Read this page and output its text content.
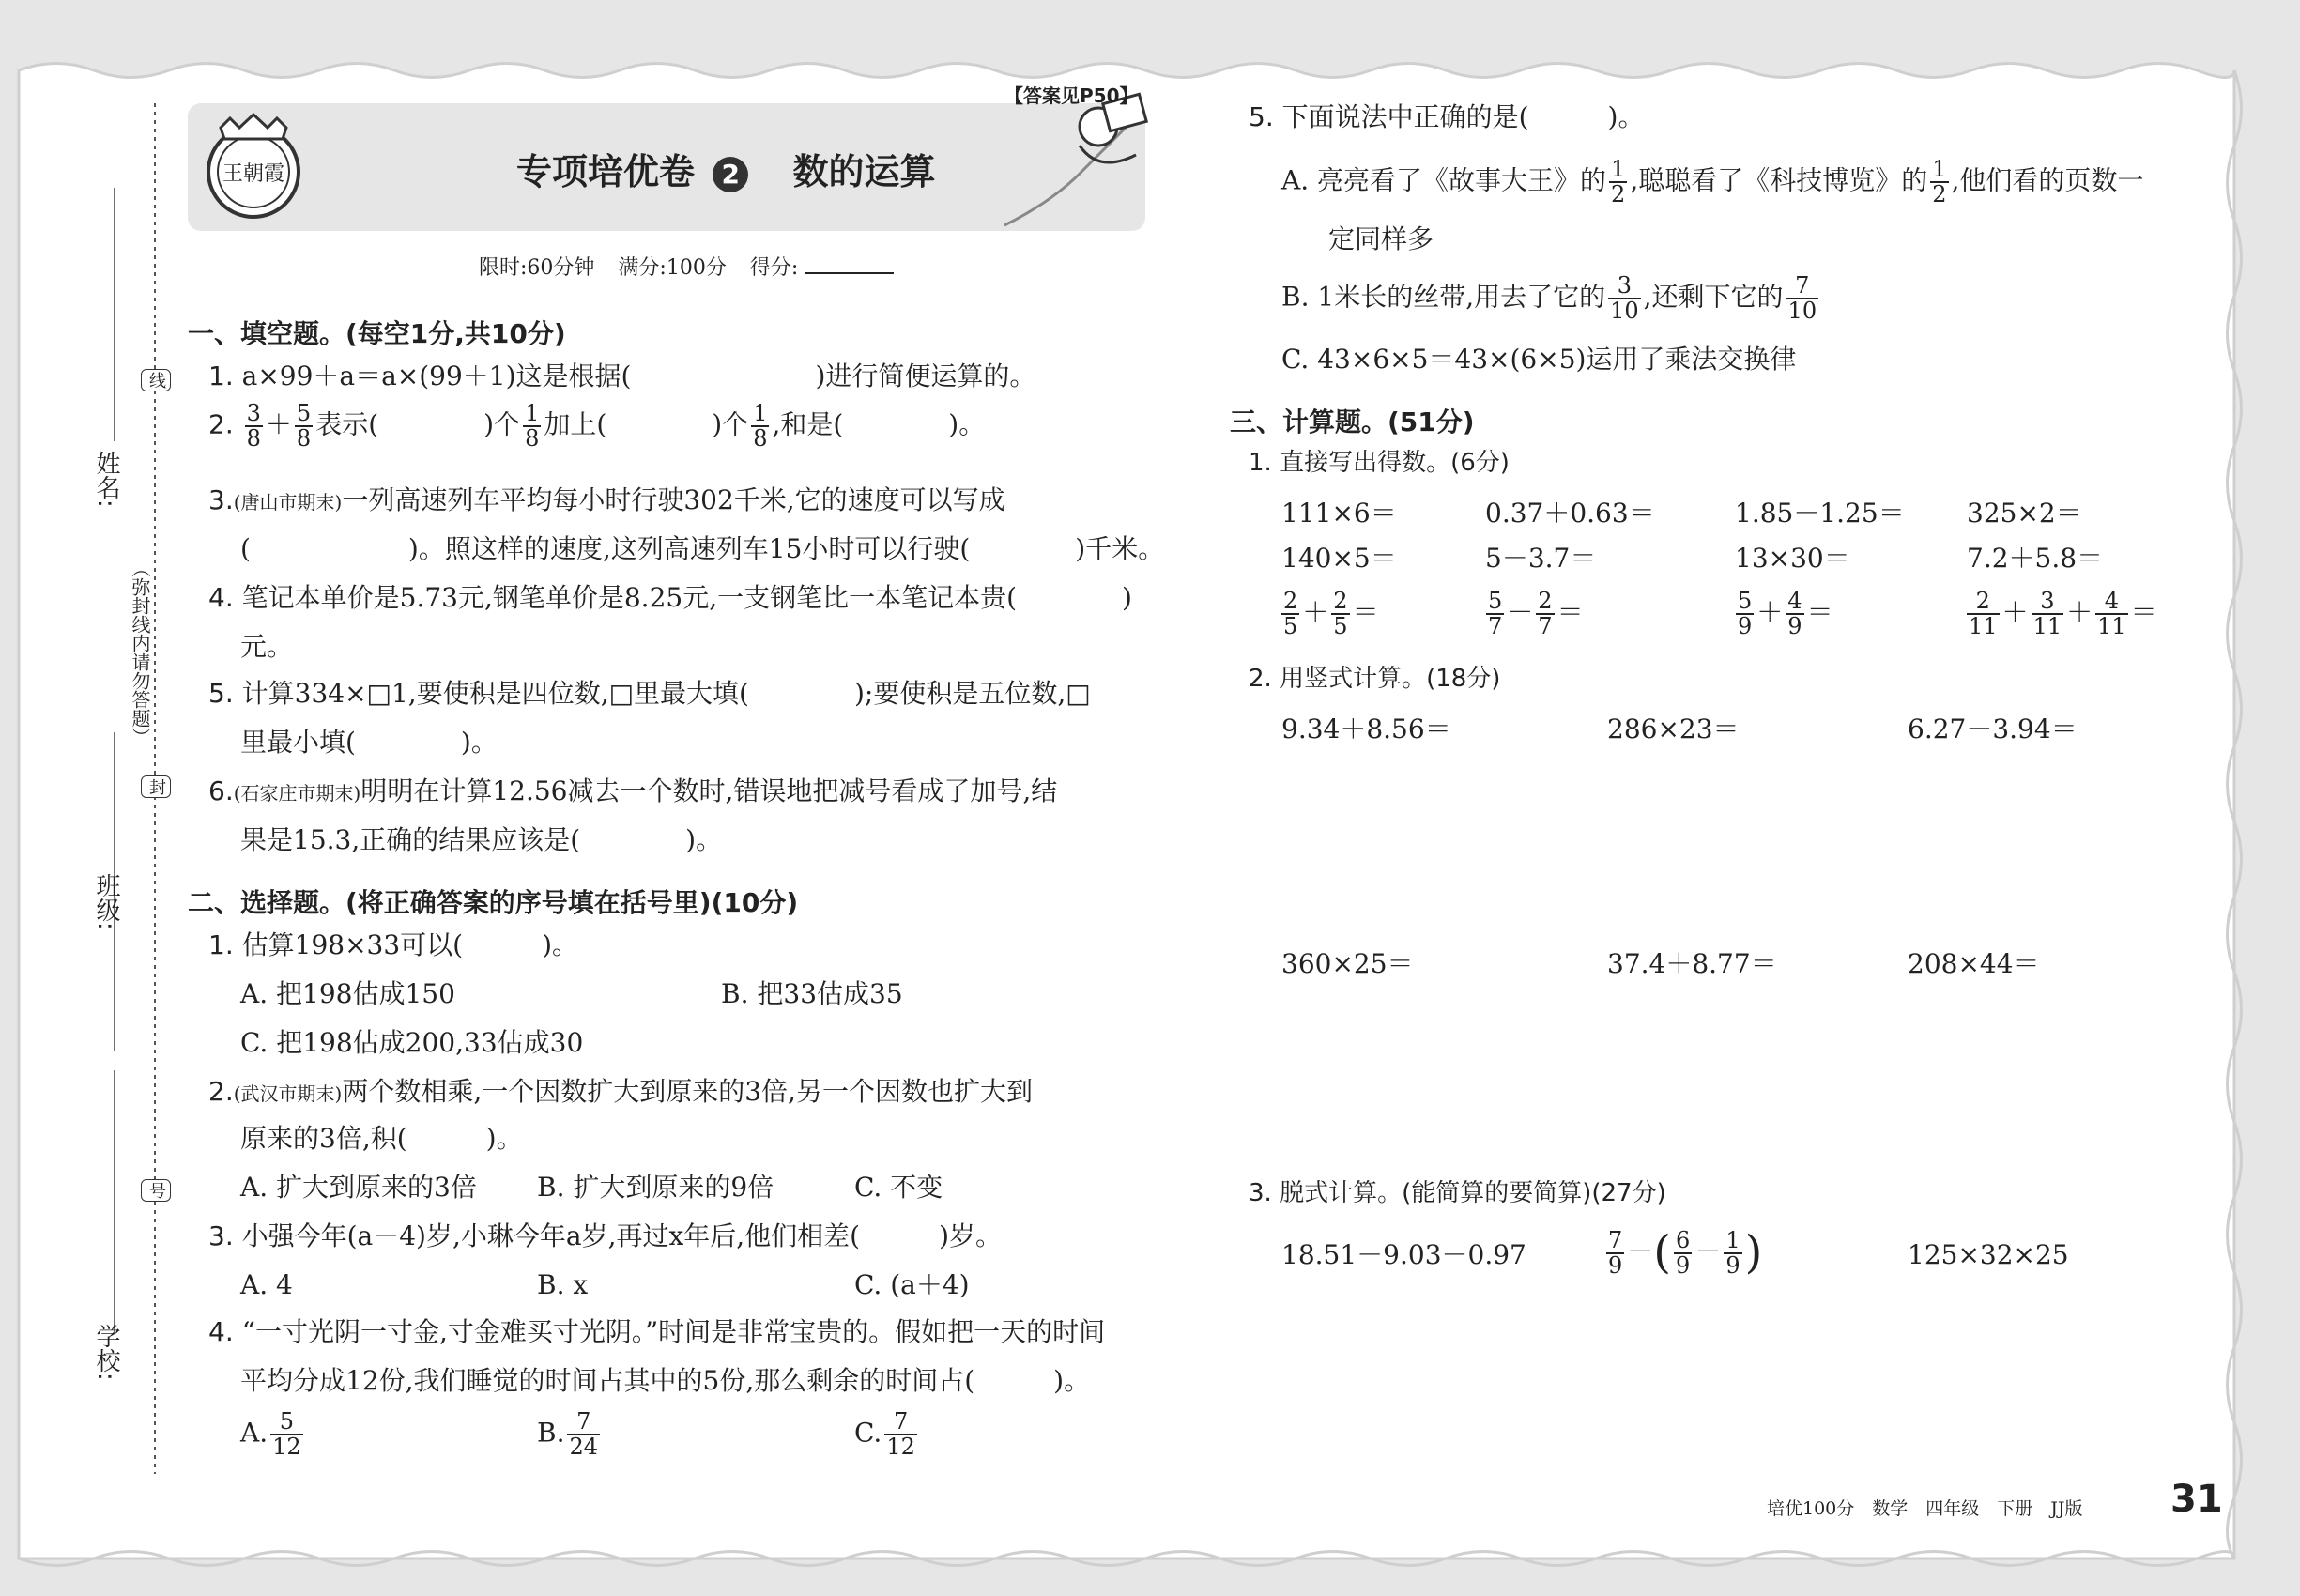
王朝霞
【答案见P50】
专项培优卷 2 数的运算
限时:60分钟 满分:100分 得分:
姓名:
班级:
学校:
（弥封线内请勿答题）
线
封
号
一、填空题。(每空1分,共10分)
1. a×99＋a＝a×(99＋1)这是根据(　　　　　　　)进行简便运算的。
2. $\frac{3}{8} + \frac{5}{8}$ 表示(　　　　)个 $\frac{1}{8}$ 加上(　　　　)个 $\frac{1}{8}$ ,和是(　　　　)。
3.(唐山市期末)一列高速列车平均每小时行驶302千米,它的速度可以写成
(　　　　　　)。照这样的速度,这列高速列车15小时可以行驶(　　　　)千米。
4. 笔记本单价是5.73元,钢笔单价是8.25元,一支钢笔比一本笔记本贵(　　　　)
元。
5. 计算334×□1,要使积是四位数,□里最大填(　　　　);要使积是五位数,□
里最小填(　　　　)。
6.(石家庄市期末)明明在计算12.56减去一个数时,错误地把减号看成了加号,结
果是15.3,正确的结果应该是(　　　　)。
二、选择题。(将正确答案的序号填在括号里)(10分)
1. 估算198×33可以(　　　)。
A. 把198估成150	B. 把33估成35
C. 把198估成200,33估成30
2.(武汉市期末)两个数相乘,一个因数扩大到原来的3倍,另一个因数也扩大到
原来的3倍,积(　　　)。
A. 扩大到原来的3倍 B. 扩大到原来的9倍	C. 不变
3. 小强今年(a－4)岁,小琳今年a岁,再过x年后,他们相差(　　　)岁。
A. 4	B. x	C. (a＋4)
4. “一寸光阴一寸金,寸金难买寸光阴。”时间是非常宝贵的。假如把一天的时间
平均分成12份,我们睡觉的时间占其中的5份,那么剩余的时间占(　　　)。
A. $\frac{5}{12}$	B. $\frac{7}{24}$	C. $\frac{7}{12}$
5. 下面说法中正确的是(　　　)。
A. 亮亮看了《故事大王》的 $\frac{1}{2}$ ,聪聪看了《科技博览》的 $\frac{1}{2}$ ,他们看的页数一
定同样多
B. 1米长的丝带,用去了它的 $\frac{3}{10}$ ,还剩下它的 $\frac{7}{10}$
C. 43×6×5＝43×(6×5)运用了乘法交换律
三、计算题。(51分)
1. 直接写出得数。(6分)
111×6＝	0.37＋0.63＝	1.85－1.25＝ 325×2＝
140×5＝	5－3.7＝	13×30＝	7.2＋5.8＝
$\frac{2}{5} + \frac{2}{5}$ ＝	$\frac{5}{7} - \frac{2}{7}$ ＝	$\frac{5}{9} + \frac{4}{9}$ ＝	$\frac{2}{11} + \frac{3}{11} + \frac{4}{11}$ ＝
2. 用竖式计算。(18分)
9.34＋8.56＝	286×23＝	6.27－3.94＝
360×25＝	37.4＋8.77＝	208×44＝
3. 脱式计算。(能简算的要简算)(27分)
18.51－9.03－0.97	$\frac{7}{9}$ －( $\frac{6}{9} - \frac{1}{9}$ )	125×32×25
培优100分　数学　四年级　下册　JJ版 31
